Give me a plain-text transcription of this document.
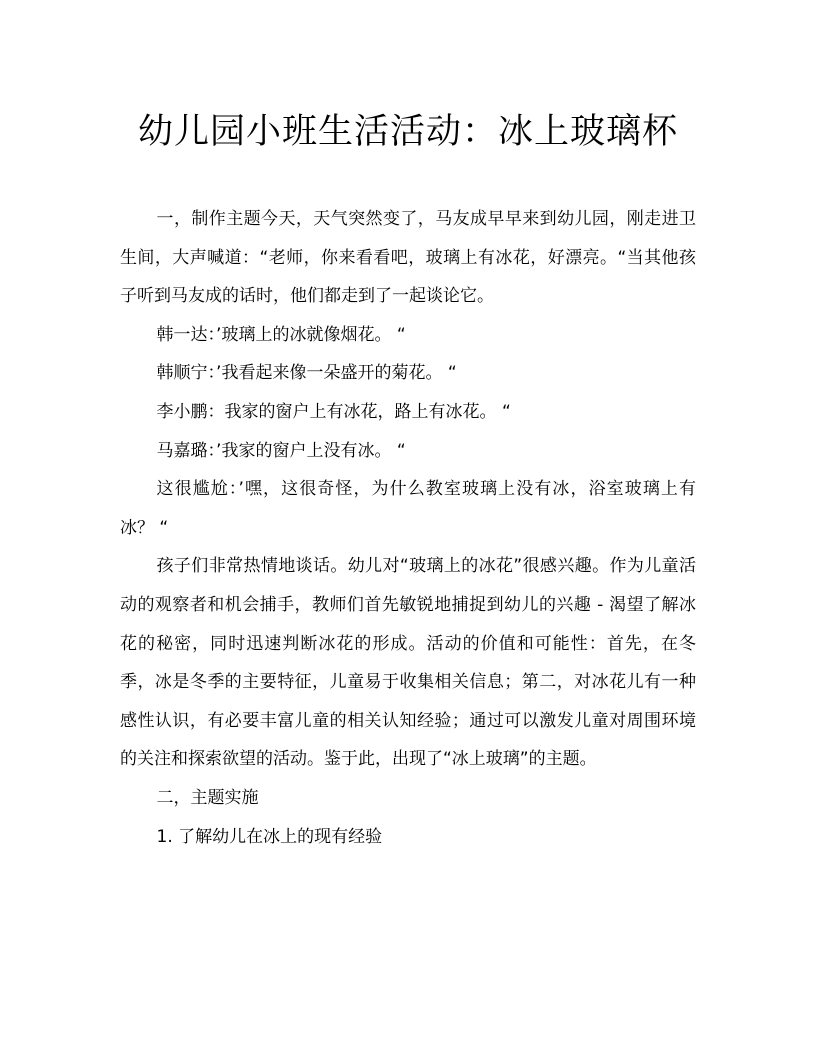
幼儿园小班生活活动：冰上玻璃杯

一，制作主题今天，天气突然变了，马友成早早来到幼儿园，刚走进卫生间，大声喊道：“老师，你来看看吧，玻璃上有冰花，好漂亮。“当其他孩子听到马友成的话时，他们都走到了一起谈论它。

韩一达：’玻璃上的冰就像烟花。 “

韩顺宁：’我看起来像一朵盛开的菊花。 “

李小鹏：我家的窗户上有冰花，路上有冰花。 “

马嘉璐：’我家的窗户上没有冰。 “

这很尴尬：’嘿，这很奇怪，为什么教室玻璃上没有冰，浴室玻璃上有冰？ “

孩子们非常热情地谈话。幼儿对“玻璃上的冰花”很感兴趣。作为儿童活动的观察者和机会捕手，教师们首先敏锐地捕捉到幼儿的兴趣 - 渴望了解冰花的秘密，同时迅速判断冰花的形成。活动的价值和可能性：首先，在冬季，冰是冬季的主要特征，儿童易于收集相关信息；第二，对冰花儿有一种感性认识，有必要丰富儿童的相关认知经验；通过可以激发儿童对周围环境的关注和探索欲望的活动。鉴于此，出现了“冰上玻璃”的主题。

二，主题实施

1. 了解幼儿在冰上的现有经验
